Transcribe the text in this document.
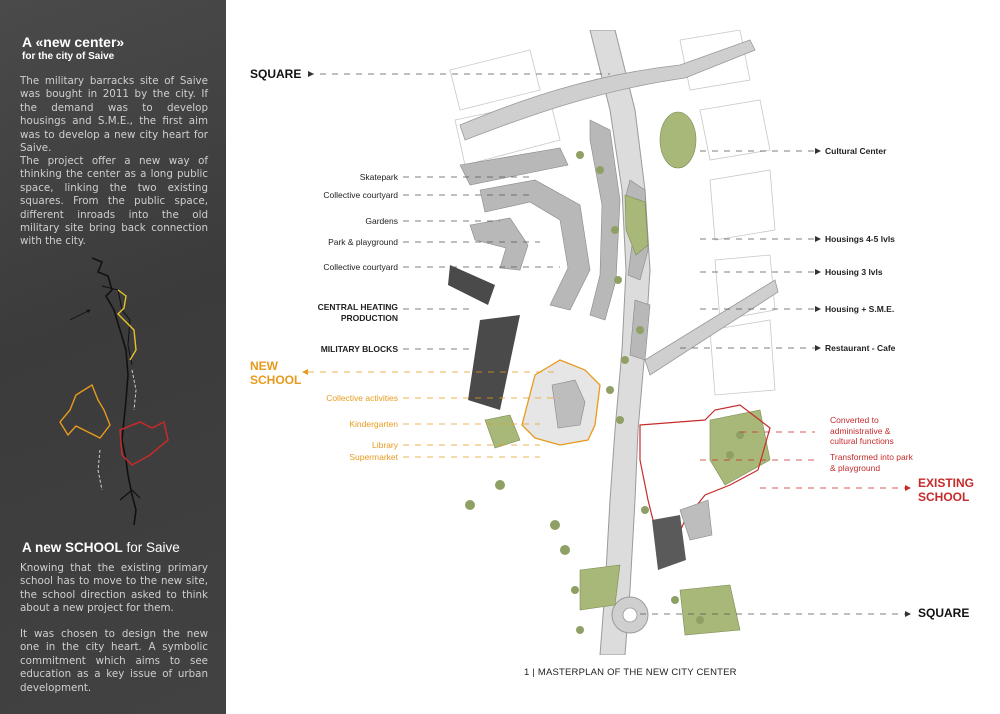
A «new center»
for the city of Saive
The military barracks site of Saive was bought in 2011 by the city. If the demand was to develop housings and S.M.E., the first aim was to develop a new city heart for Saive.
The project offer a new way of thinking the center as a long public space, linking the two existing squares. From the public space, different inroads into the old military site bring back connection with the city.
A new SCHOOL for Saive
Knowing that the existing primary school has to move to the new site, the school direction asked to think about a new project for them.
It was chosen to design the new one in the city heart. A symbolic commitment which aims to see education as a key issue of urban development.
SQUARE
SQUARE
NEW SCHOOL
EXISTING SCHOOL
Skatepark
Collective courtyard
Gardens
Park & playground
Collective courtyard
CENTRAL HEATING PRODUCTION
MILITARY BLOCKS
Collective activities
Kindergarten
Library
Supermarket
Cultural Center
Housings 4-5 lvls
Housing 3 lvls
Housing + S.M.E.
Restaurant - Cafe
Converted to administrative & cultural functions
Transformed into park & playground
1 | MASTERPLAN OF THE NEW CITY CENTER
